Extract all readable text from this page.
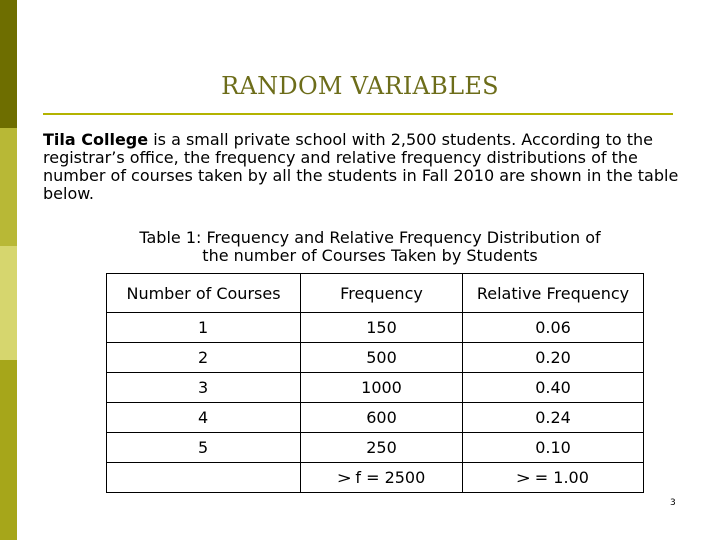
RANDOM VARIABLES
Tila College is a small private school with 2,500 students. According to the registrar’s office, the frequency and relative frequency distributions of the number of courses taken by all the students in Fall 2010 are shown in the table below.
Table 1: Frequency and Relative Frequency Distribution of
the number of Courses Taken by Students
Number of Courses	Frequency	Relative Frequency
1	150	0.06
2	500	0.20
3	1000	0.40
4	600	0.24
5	250	0.10
	> f = 2500	> = 1.00
3
